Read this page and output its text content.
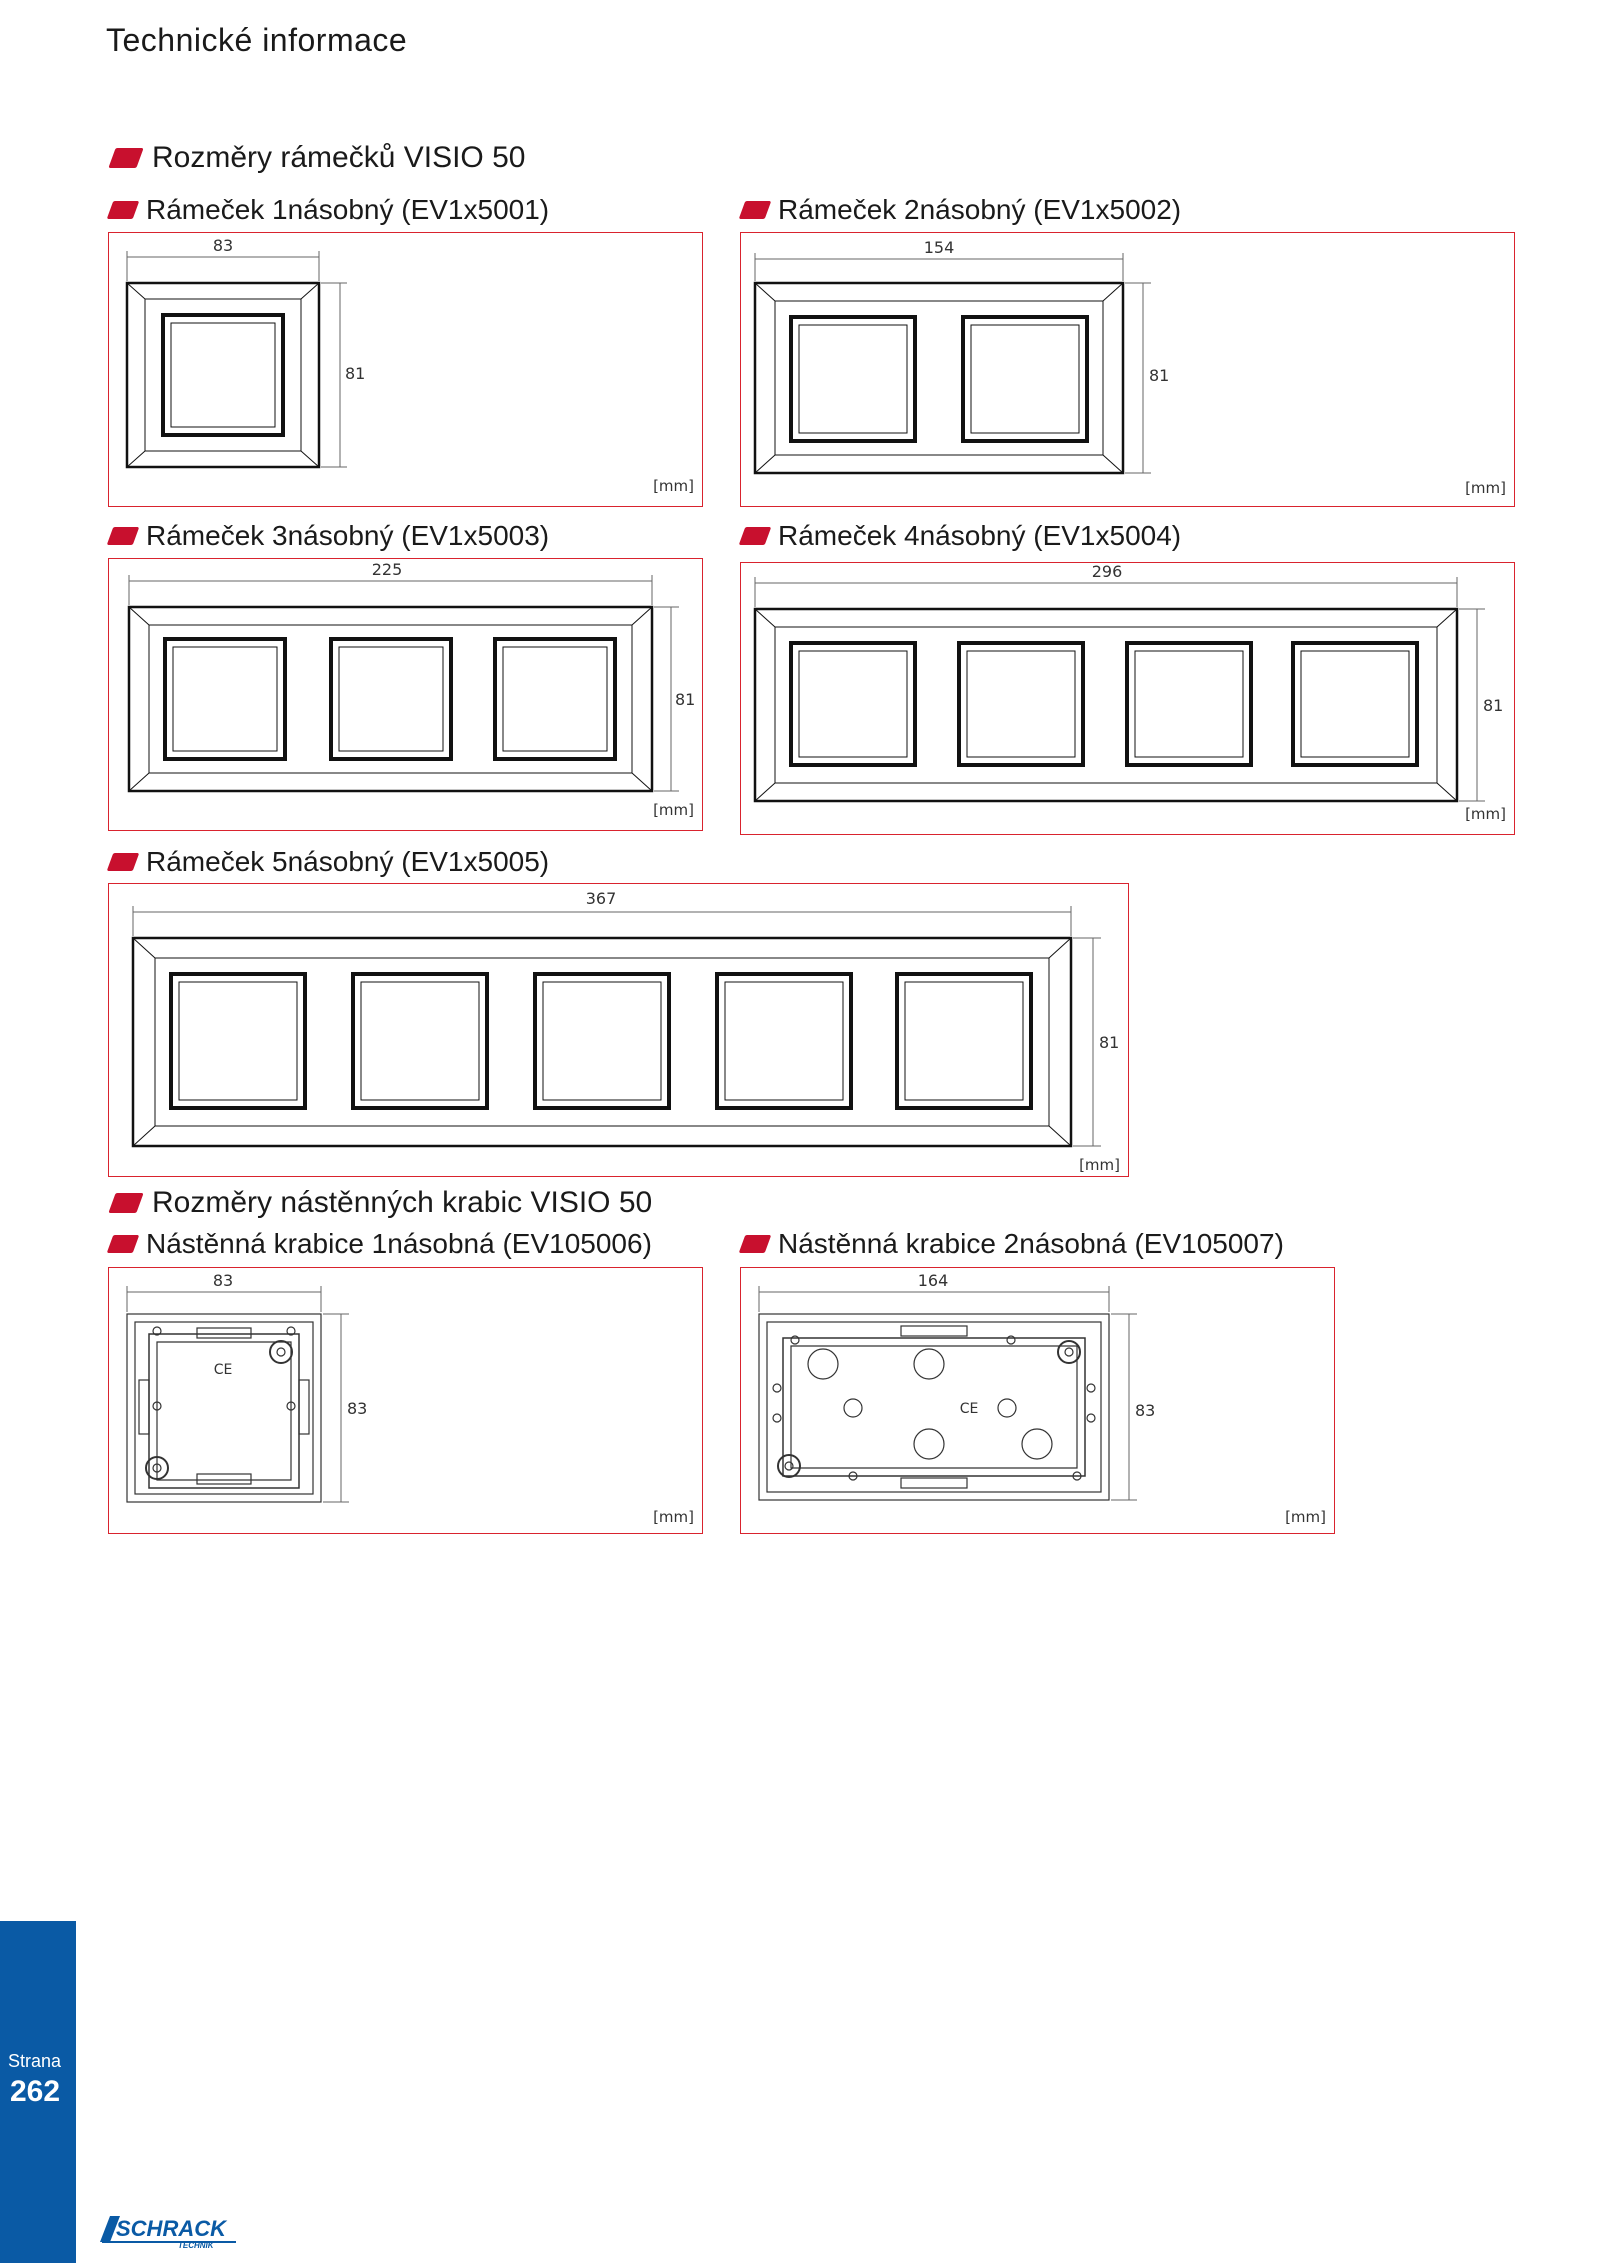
Technické informace
Rozměry rámečků VISIO 50
Rámeček 1násobný (EV1x5001)
83
81
[mm]
Rámeček 2násobný (EV1x5002)
154
81
[mm]
Rámeček 3násobný (EV1x5003)
225
81
[mm]
Rámeček 4násobný (EV1x5004)
296
81
[mm]
Rámeček 5násobný (EV1x5005)
367
81
[mm]
Rozměry nástěnných krabic VISIO 50
Nástěnná krabice 1násobná (EV105006)
83
83
[mm]
CE
Nástěnná krabice 2násobná (EV105007)
164
83
[mm]
CE
Strana
262
SCHRACK
TECHNIK
